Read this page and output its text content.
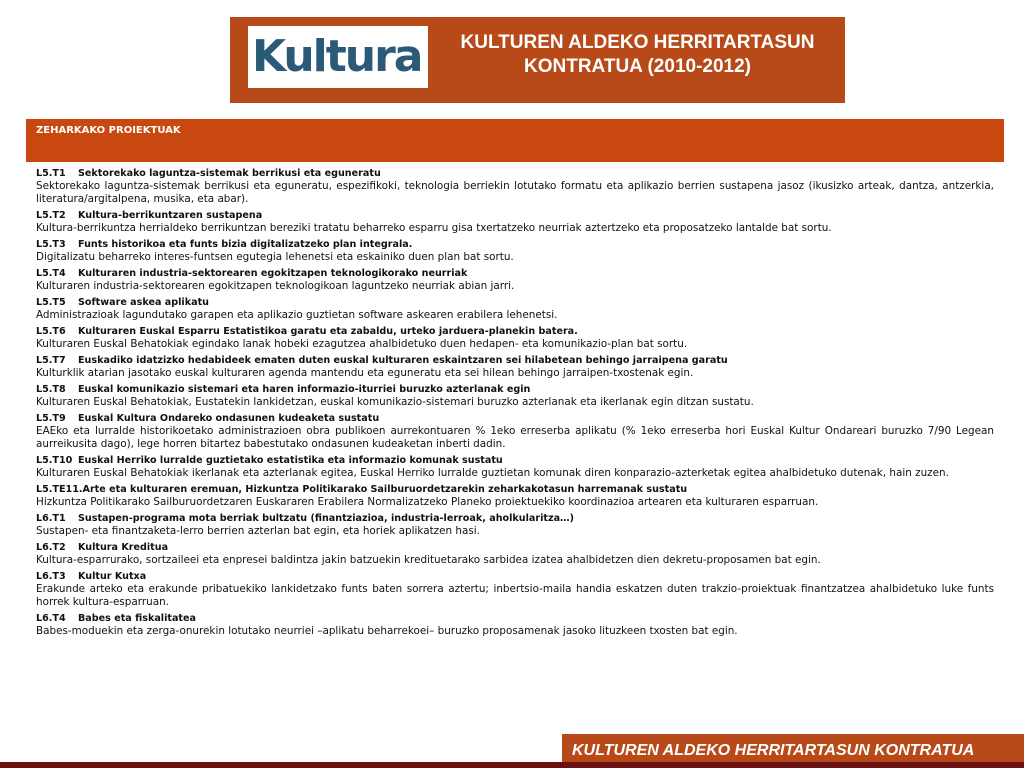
Kultura	KULTUREN ALDEKO HERRITARTASUN KONTRATUA (2010-2012)
ZEHARKAKO PROIEKTUAK
L5.T1 Sektorekako laguntza-sistemak berrikusi eta eguneratu
Sektorekako laguntza-sistemak berrikusi eta eguneratu, espezifikoki, teknologia berriekin lotutako formatu eta aplikazio berrien sustapena jasoz (ikusizko arteak, dantza, antzerkia, literatura/argitalpena, musika, eta abar).
L5.T2 Kultura-berrikuntzaren sustapena
Kultura-berrikuntza herrialdeko berrikuntzan bereziki tratatu beharreko esparru gisa txertatzeko neurriak aztertzeko eta proposatzeko lantalde bat sortu.
L5.T3 Funts historikoa eta funts bizia digitalizatzeko plan integrala.
Digitalizatu beharreko interes-funtsen egutegia lehenetsi eta eskainiko duen plan bat sortu.
L5.T4 Kulturaren industria-sektorearen egokitzapen teknologikorako neurriak
Kulturaren industria-sektorearen egokitzapen teknologikoan laguntzeko neurriak abian jarri.
L5.T5 Software askea aplikatu
Administrazioak lagundutako garapen eta aplikazio guztietan software askearen erabilera lehenetsi.
L5.T6 Kulturaren Euskal Esparru Estatistikoa garatu eta zabaldu, urteko jarduera-planekin batera.
Kulturaren Euskal Behatokiak egindako lanak hobeki ezagutzea ahalbidetuko duen hedapen- eta komunikazio-plan bat sortu.
L5.T7 Euskadiko idatzizko hedabideek ematen duten euskal kulturaren eskaintzaren sei hilabetean behingo jarraipena garatu
Kulturklik atarian jasotako euskal kulturaren agenda mantendu eta eguneratu eta sei hilean behingo jarraipen-txostenak egin.
L5.T8 Euskal komunikazio sistemari eta haren informazio-iturriei buruzko azterlanak egin
Kulturaren Euskal Behatokiak, Eustatekin lankidetzan, euskal komunikazio-sistemari buruzko azterlanak eta ikerlanak egin ditzan sustatu.
L5.T9 Euskal Kultura Ondareko ondasunen kudeaketa sustatu
EAEko eta lurralde historikoetako administrazioen obra publikoen aurrekontuaren % 1eko erreserba aplikatu (% 1eko erreserba hori Euskal Kultur Ondareari buruzko 7/90 Legean aurreikusita dago), lege horren bitartez babestutako ondasunen kudeaketan inberti dadin.
L5.T10 Euskal Herriko lurralde guztietako estatistika eta informazio komunak sustatu
Kulturaren Euskal Behatokiak ikerlanak eta azterlanak egitea, Euskal Herriko lurralde guztietan komunak diren konparazio-azterketak egitea ahalbidetuko dutenak, hain zuzen.
L5.TE11.Arte eta kulturaren eremuan, Hizkuntza Politikarako Sailburuordetzarekin zeharkakotasun harremanak sustatu
Hizkuntza Politikarako Sailburuordetzaren Euskararen Erabilera Normalizatzeko Planeko proiektuekiko koordinazioa artearen eta kulturaren esparruan.
L6.T1 Sustapen-programa mota berriak bultzatu (finantziazioa, industria-lerroak, aholkularitza…)
Sustapen- eta finantzaketa-lerro berrien azterlan bat egin, eta horiek aplikatzen hasi.
L6.T2 Kultura Kreditua
Kultura-esparrurako, sortzaileei eta enpresei baldintza jakin batzuekin kredituetarako sarbidea izatea ahalbidetzen dien dekretu-proposamen bat egin.
L6.T3 Kultur Kutxa
Erakunde arteko eta erakunde pribatuekiko lankidetzako funts baten sorrera aztertu; inbertsio-maila handia eskatzen duten trakzio-proiektuak finantzatzea ahalbidetuko luke funts horrek kultura-esparruan.
L6.T4 Babes eta fiskalitatea
Babes-moduekin eta zerga-onurekin lotutako neurriei –aplikatu beharrekoei– buruzko proposamenak jasoko lituzkeen txosten bat egin.
KULTUREN ALDEKO HERRITARTASUN KONTRATUA
